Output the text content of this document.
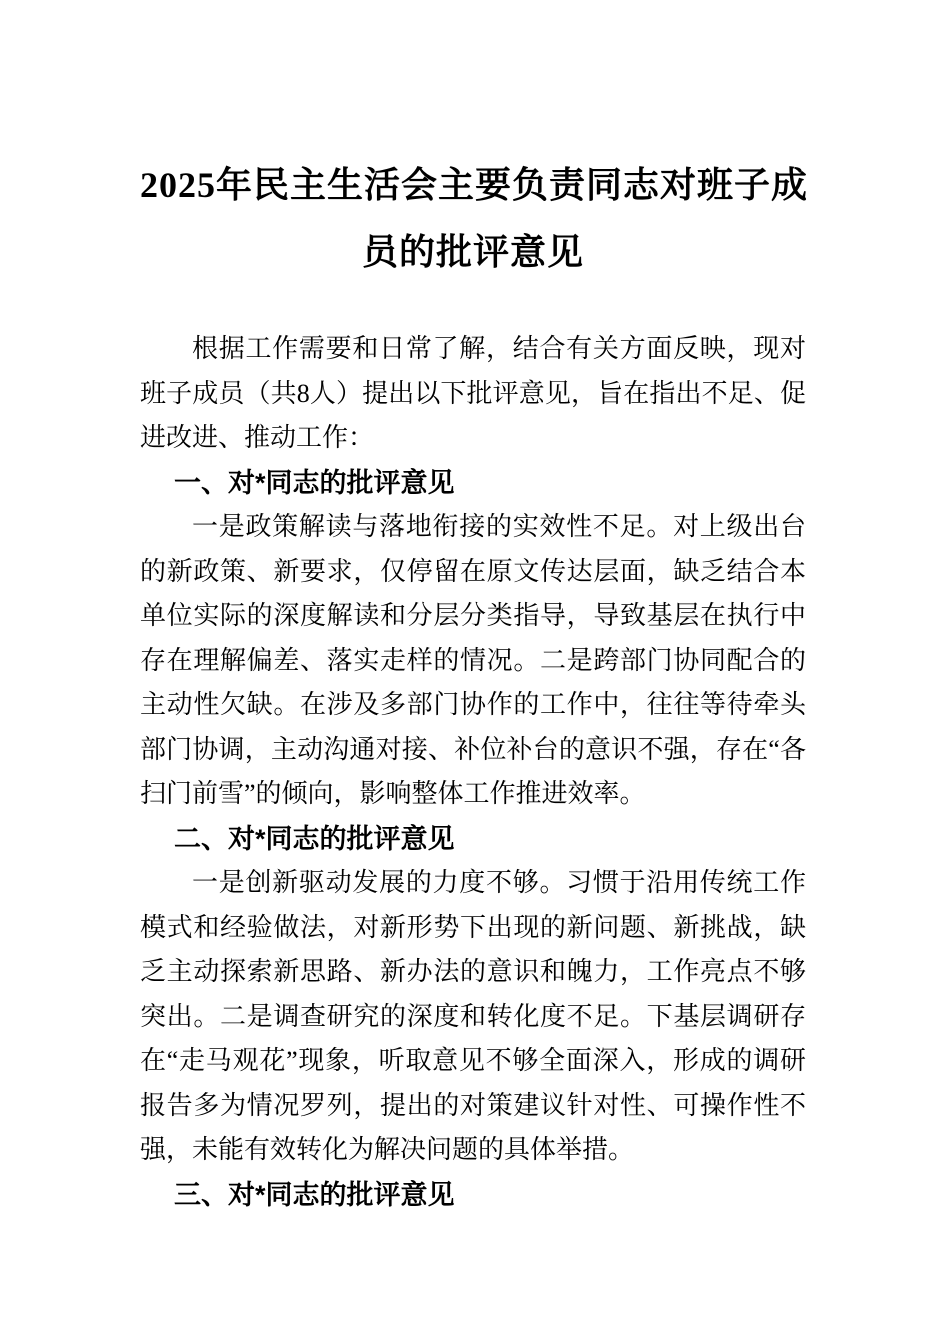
2025年民主生活会主要负责同志对班子成
员的批评意见

根据工作需要和日常了解，结合有关方面反映，现对班子成员（共8人）提出以下批评意见，旨在指出不足、促进改进、推动工作：

一、对*同志的批评意见

一是政策解读与落地衔接的实效性不足。对上级出台的新政策、新要求，仅停留在原文传达层面，缺乏结合本单位实际的深度解读和分层分类指导，导致基层在执行中存在理解偏差、落实走样的情况。二是跨部门协同配合的主动性欠缺。在涉及多部门协作的工作中，往往等待牵头部门协调，主动沟通对接、补位补台的意识不强，存在“各扫门前雪”的倾向，影响整体工作推进效率。

二、对*同志的批评意见

一是创新驱动发展的力度不够。习惯于沿用传统工作模式和经验做法，对新形势下出现的新问题、新挑战，缺乏主动探索新思路、新办法的意识和魄力，工作亮点不够突出。二是调查研究的深度和转化度不足。下基层调研存在“走马观花”现象，听取意见不够全面深入，形成的调研报告多为情况罗列，提出的对策建议针对性、可操作性不强，未能有效转化为解决问题的具体举措。

三、对*同志的批评意见
